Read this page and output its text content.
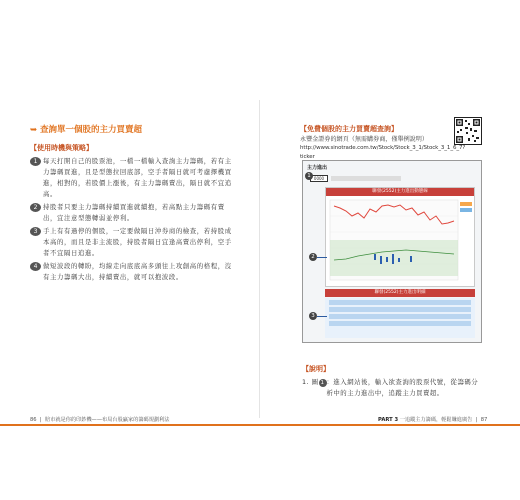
➥ 查詢單一個股的主力買賣超
【使用時機與策略】
1 每天打開自己的股票池，一檔一檔輸入查詢主力籌碼，若有主力籌碼買進，且是型態拉回底部，空手者隔日就可考慮擇機買進，相對的，若股價上漲後，有主力籌碼賣出，隔日就不宜追高。
2 持股者只要主力籌碼持續買進就續抱，若高點主力籌碼有賣出，宜注意型態轉弱並停利。
3 手上有有過停的個股，一定要做隔日沖券商的檢查，若持股成本高的，而且是非主流股，持股者隔日宜逢高賣出停利，空手者不宜隔日追進。
4 做短波段的轉盼，均線走向底底高多頭往上攻創高的格程，沒有主力籌碼大出，持續賣出，就可以抱波段。
86  |  賠市就是你的印鈔機——布局台股贏家的籌碼規劃利法
【免費個股的主力買賣超查詢】
永豐金證券的網頁（無需購券商，僅舉例說明）
http://www.sinotrade.com.tw/Stock/Stock_3_1/Stock_3_1_6_7?ticker
主力進出
0000
聯發(2552)主力進出動態線
聯發(2552)主力進出明細
1
2
3
【說明】
1. 圖 1 ：進入網站後，輸入欲查詢的股票代號，從籌碼分析中的主力進出中，追蹤主力買賣超。
PART 3 一追蹤主力籌碼，輕鬆賺進廣告  |  87
